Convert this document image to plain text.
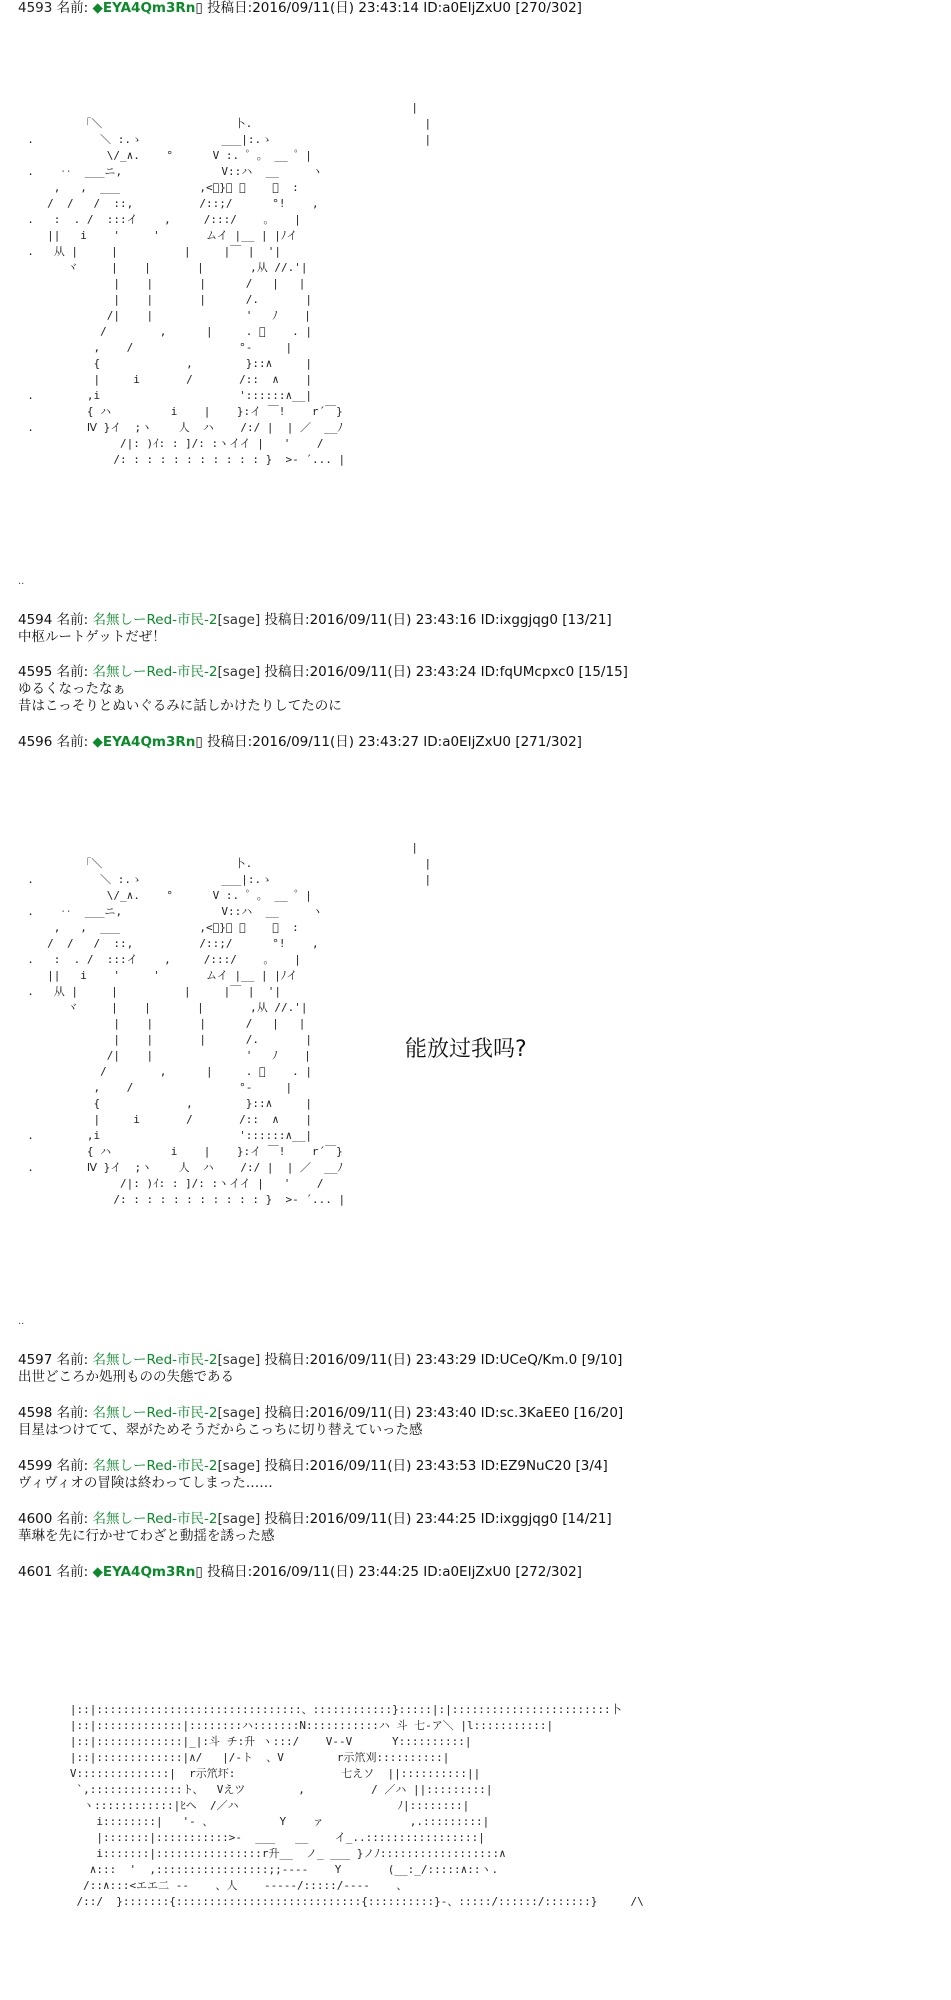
4593 名前: ◆EYA4Qm3Rn▯ 投稿日:2016/09/11(日) 23:43:14 ID:a0EIjZxU0 [270/302]
|
「＼                    卜.                          |
.          ＼ :.ゝ            ___|:.ゝ                       |
\/_∧.    °      V :. ゜。 __ ゜|
.    ‥  ___ニ,               V::ハ  __     ヽ
,   ,  ___            ,<ﾞ}ﾞ ＼    、  :
/  /   /  ::,          /::;/      °!    ,
.   :  . /  :::イ    ,     /:::/    。   |
||   i    '     '       ムイ |__ | |ﾉイ
.   从 |     |          |     |￣ |  '|
ヾ     |    |       |       ,从 //.'|
|    |       |      /   |   |
|    |       |      /.       |
/|    |              '   ﾉ    |
/        ,      |     . ﾞ    . |
,    /                °-     |
{             ,        }::∧     |
|     i       /       /::  ∧    |
.        ,i                     '::::::∧__|
{ ハ         i    |    }:イ ￣!    r´￣}
.        Ⅳ }イ  ;ヽ    人  ハ    /:/ |  | ／  __ﾉ
/|: )ｲ: : ]/: :ヽイイ |   '    /
/: : : : : : : : : : : }  >‐ ´... |
..
4594 名前: 名無しーRed-市民-2[sage] 投稿日:2016/09/11(日) 23:43:16 ID:ixggjqg0 [13/21]
中枢ルートゲットだぜ！
4595 名前: 名無しーRed-市民-2[sage] 投稿日:2016/09/11(日) 23:43:24 ID:fqUMcpxc0 [15/15]
ゆるくなったなぁ
昔はこっそりとぬいぐるみに話しかけたりしてたのに
4596 名前: ◆EYA4Qm3Rn▯ 投稿日:2016/09/11(日) 23:43:27 ID:a0EIjZxU0 [271/302]
|
「＼                    卜.                          |
.          ＼ :.ゝ            ___|:.ゝ                       |
\/_∧.    °      V :. ゜。 __ ゜|
.    ‥  ___ニ,               V::ハ  __     ヽ
,   ,  ___            ,<ﾞ}ﾞ ＼    、  :
/  /   /  ::,          /::;/      °!    ,
.   :  . /  :::イ    ,     /:::/    。   |
||   i    '     '       ムイ |__ | |ﾉイ
.   从 |     |          |     |￣ |  '|
ヾ     |    |       |       ,从 //.'|
|    |       |      /   |   |
|    |       |      /.       |
/|    |              '   ﾉ    |
/        ,      |     . ﾞ    . |
,    /                °-     |
{             ,        }::∧     |
|     i       /       /::  ∧    |
.        ,i                     '::::::∧__|
{ ハ         i    |    }:イ ￣!    r´￣}
.        Ⅳ }イ  ;ヽ    人  ハ    /:/ |  | ／  __ﾉ
/|: )ｲ: : ]/: :ヽイイ |   '    /
/: : : : : : : : : : : }  >‐ ´... |
能放过我吗?
..
4597 名前: 名無しーRed-市民-2[sage] 投稿日:2016/09/11(日) 23:43:29 ID:UCeQ/Km.0 [9/10]
出世どころか処刑ものの失態である
4598 名前: 名無しーRed-市民-2[sage] 投稿日:2016/09/11(日) 23:43:40 ID:sc.3KaEE0 [16/20]
目星はつけてて、翠がためそうだからこっちに切り替えていった感
4599 名前: 名無しーRed-市民-2[sage] 投稿日:2016/09/11(日) 23:43:53 ID:EZ9NuC20 [3/4]
ヴィヴィオの冒険は終わってしまった……
4600 名前: 名無しーRed-市民-2[sage] 投稿日:2016/09/11(日) 23:44:25 ID:ixggjqg0 [14/21]
華琳を先に行かせてわざと動揺を誘った感
4601 名前: ◆EYA4Qm3Rn▯ 投稿日:2016/09/11(日) 23:44:25 ID:a0EIjZxU0 [272/302]
|::|:::::::::::::::::::::::::::::::、::::::::::::}:::::|:|::::::::::::::::::::::::卜
|::|:::::::::::::|::::::::ハ:::::::N:::::::::::ハ 斗 七-ア＼ |l:::::::::::|
|::|:::::::::::::|_|:斗 チ:升 ヽ:::/    V-‐V      Y::::::::::|
|::|:::::::::::::|∧/   |/‐ト  、V        r示笊刈::::::::::|
V::::::::::::::|  r示笊圷:                七えソ  ||::::::::::||
`,::::::::::::::ト、  Vえツ        ,          / ／ハ ||:::::::::|
ヽ::::::::::::|ﾋヘ  /／ハ                        ﾉ|::::::::|
i::::::::|   '‐ 、          Y    ァ             ,.:::::::::|
|:::::::|:::::::::::>-  ___   __    イ_..:::::::::::::::::|
i:::::::|::::::::::::::::r升__  ノ_ ___ }ノﾉ::::::::::::::::::∧
∧:::  '  ,:::::::::::::::::;;-‐‐‐    Y       (__:_/:::::∧::ヽ.
/::∧:::<エエ二 ‐‐    、人    -‐‐‐-/:::::/‐‐‐-    、
/::/  }:::::::{::::::::::::::::::::::::::::{::::::::::}-、:::::/::::::/:::::::}     /\
